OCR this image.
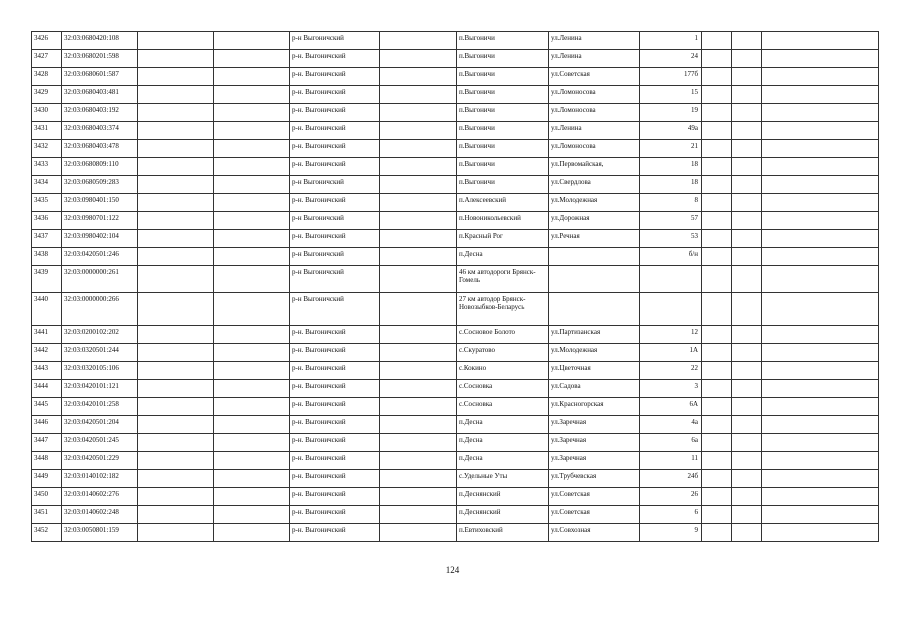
3426	32:03:0680420:108			р-н Выгоничский		п.Выгоничи	ул.Ленина	1			
3427	32:03:0680201:598			р-н. Выгоничский		п.Выгоничи	ул.Ленина	24			
3428	32:03:0680601:587			р-н. Выгоничский		п.Выгоничи	ул.Советская	177б			
3429	32:03:0680403:481			р-н. Выгоничский		п.Выгоничи	ул.Ломоносова	15			
3430	32:03:0680403:192			р-н. Выгоничский		п.Выгоничи	ул.Ломоносова	19			
3431	32:03:0680403:374			р-н. Выгоничский		п.Выгоничи	ул.Ленина	49а			
3432	32:03:0680403:478			р-н. Выгоничский		п.Выгоничи	ул.Ломоносова	21			
3433	32:03:0680809:110			р-н. Выгоничский		п.Выгоничи	ул.Первомайская,	18			
3434	32:03:0680509:283			р-н Выгоничский		п.Выгоничи	ул.Свердлова	18			
3435	32:03:0980401:150			р-н. Выгоничский		п.Алексеевский	ул.Молодежная	8			
3436	32:03:0980701:122			р-н Выгоничский		п.Новоникольевский	ул.Дорожная	57			
3437	32:03:0980402:104			р-н. Выгоничский		п.Красный Рог	ул.Речная	53			
3438	32:03:0420501:246			р-н Выгоничский		п.Десна		б/н			
3439	32:03:0000000:261			р-н Выгоничский		46 км автодороги Брянск-Гомель					
3440	32:03:0000000:266			р-н Выгоничский		27 км автодор Брянск-Новозыбков-Беларусь					
3441	32:03:0200102:202			р-н. Выгоничский		с.Сосновое Болото	ул.Партизанская	12			
3442	32:03:0320501:244			р-н. Выгоничский		с.Скуратово	ул.Молодежная	1А			
3443	32:03:0320105:106			р-н. Выгоничский		с.Кокино	ул.Цветочная	22			
3444	32:03:0420101:121			р-н. Выгоничский		с.Сосновка	ул.Садова	3			
3445	32:03:0420101:258			р-н. Выгоничский		с.Сосновка	ул.Красногорская	6А			
3446	32:03:0420501:204			р-н. Выгоничский		п.Десна	ул.Заречная	4а			
3447	32:03:0420501:245			р-н. Выгоничский		п.Десна	ул.Заречная	6а			
3448	32:03:0420501:229			р-н. Выгоничский		п.Десна	ул.Заречная	11			
3449	32:03:0140102:182			р-н. Выгоничский		с.Удельные Уты	ул.Трубчевская	24б			
3450	32:03:0140602:276			р-н. Выгоничский		п.Деснянский	ул.Советская	26			
3451	32:03:0140602:248			р-н. Выгоничский		п.Деснянский	ул.Советская	6			
3452	32:03:0050801:159			р-н. Выгоничский		п.Евтиховский	ул.Совхозная	9			
124
